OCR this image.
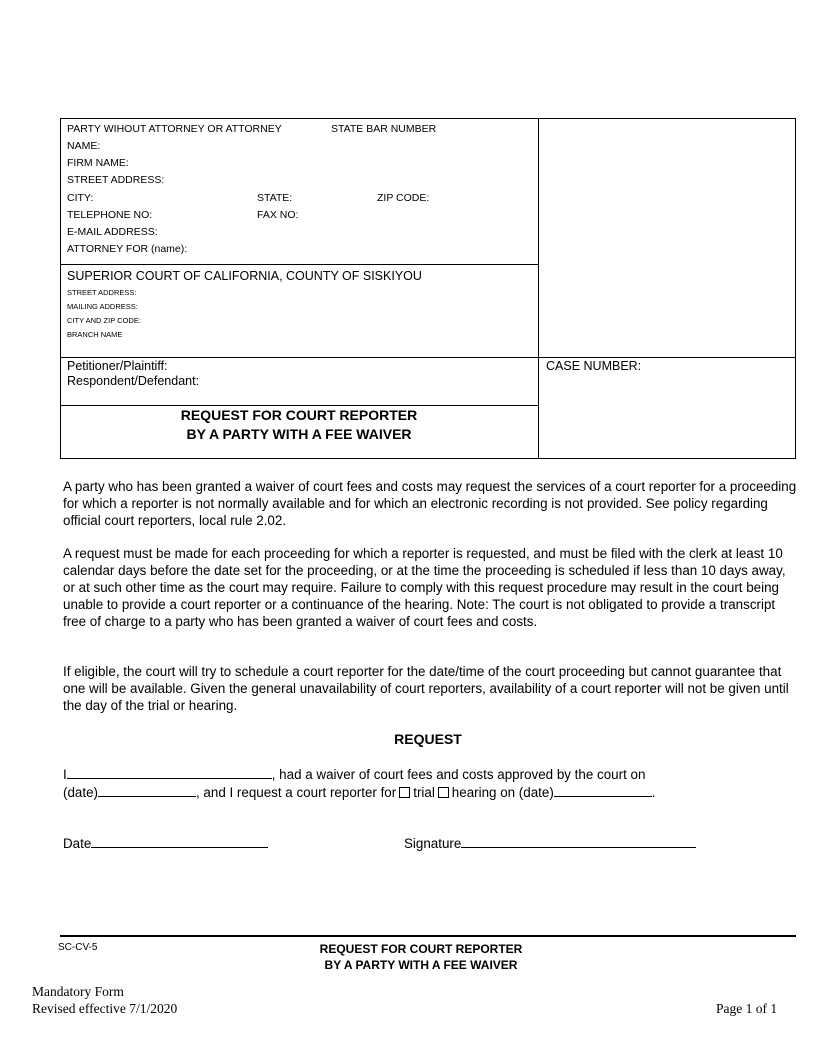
PARTY WIHOUT ATTORNEY OR ATTORNEY	STATE BAR NUMBER
NAME:
FIRM NAME:
STREET ADDRESS:
CITY:	STATE:	ZIP CODE:
TELEPHONE NO:	FAX NO:
E-MAIL ADDRESS:
ATTORNEY FOR (name):
SUPERIOR COURT OF CALIFORNIA, COUNTY OF SISKIYOU
STREET ADDRESS:
MAILING ADDRESS:
CITY AND ZIP CODE:
BRANCH NAME
Petitioner/Plaintiff:
Respondent/Defendant:
CASE NUMBER:
REQUEST FOR COURT REPORTER
BY A PARTY WITH A FEE WAIVER

A party who has been granted a waiver of court fees and costs may request the services of a court reporter for a proceeding for which a reporter is not normally available and for which an electronic recording is not provided. See policy regarding official court reporters, local rule 2.02.

A request must be made for each proceeding for which a reporter is requested, and must be filed with the clerk at least 10 calendar days before the date set for the proceeding, or at the time the proceeding is scheduled if less than 10 days away, or at such other time as the court may require. Failure to comply with this request procedure may result in the court being unable to provide a court reporter or a continuance of the hearing. Note: The court is not obligated to provide a transcript free of charge to a party who has been granted a waiver of court fees and costs.

If eligible, the court will try to schedule a court reporter for the date/time of the court proceeding but cannot guarantee that one will be available. Given the general unavailability of court reporters, availability of a court reporter will not be given until the day of the trial or hearing.

REQUEST
I	, had a waiver of court fees and costs approved by the court on
(date)	, and I request a court reporter for trial hearing on (date)	.
Date	Signature
SC-CV-5	REQUEST FOR COURT REPORTER
BY A PARTY WITH A FEE WAIVER
Mandatory Form
Revised effective 7/1/2020	Page 1 of 1
